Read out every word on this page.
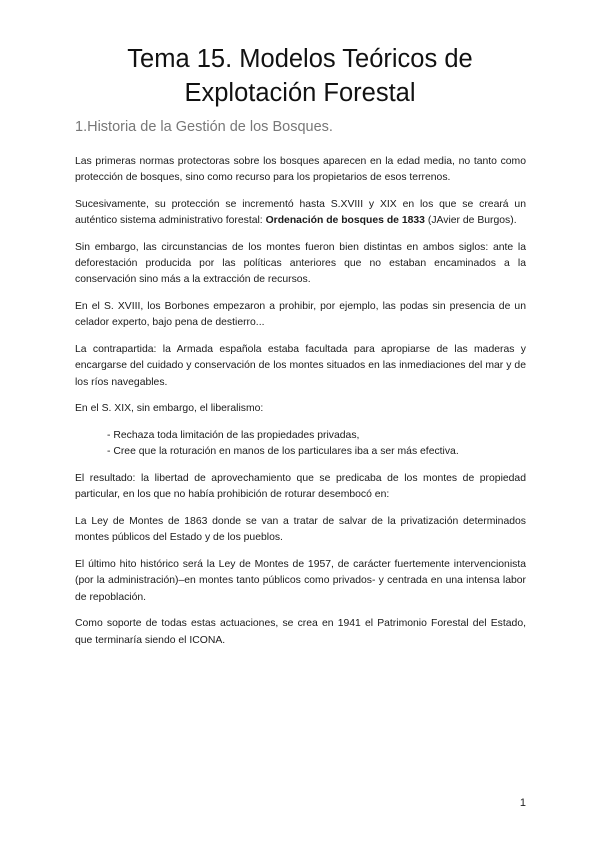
Tema 15. Modelos Teóricos de
Explotación Forestal
1.Historia de la Gestión de los Bosques.

Las primeras normas protectoras sobre los bosques aparecen en la edad media, no tanto como protección de bosques, sino como recurso para los propietarios de esos terrenos.

Sucesivamente, su protección se incrementó hasta S.XVIII y XIX en los que se creará un auténtico sistema administrativo forestal: Ordenación de bosques de 1833 (JAvier de Burgos).

Sin embargo, las circunstancias de los montes fueron bien distintas en ambos siglos: ante la deforestación producida por las políticas anteriores que no estaban encaminados a la conservación sino más a la extracción de recursos.

En el S. XVIII, los Borbones empezaron a prohibir, por ejemplo, las podas sin presencia de un celador experto, bajo pena de destierro...

La contrapartida: la Armada española estaba facultada para apropiarse de las maderas y encargarse del cuidado y conservación de los montes situados en las inmediaciones del mar y de los ríos navegables.

En el S. XIX, sin embargo, el liberalismo:

- Rechaza toda limitación de las propiedades privadas,
- Cree que la roturación en manos de los particulares iba a ser más efectiva.

El resultado: la libertad de aprovechamiento que se predicaba de los montes de propiedad particular, en los que no había prohibición de roturar desembocó en:

La Ley de Montes de 1863 donde se van a tratar de salvar de la privatización determinados montes públicos del Estado y de los pueblos.

El último hito histórico será la Ley de Montes de 1957, de carácter fuertemente intervencionista (por la administración)–en montes tanto públicos como privados- y centrada en una intensa labor de repoblación.

Como soporte de todas estas actuaciones, se crea en 1941 el Patrimonio Forestal del Estado, que terminaría siendo el ICONA.

1
